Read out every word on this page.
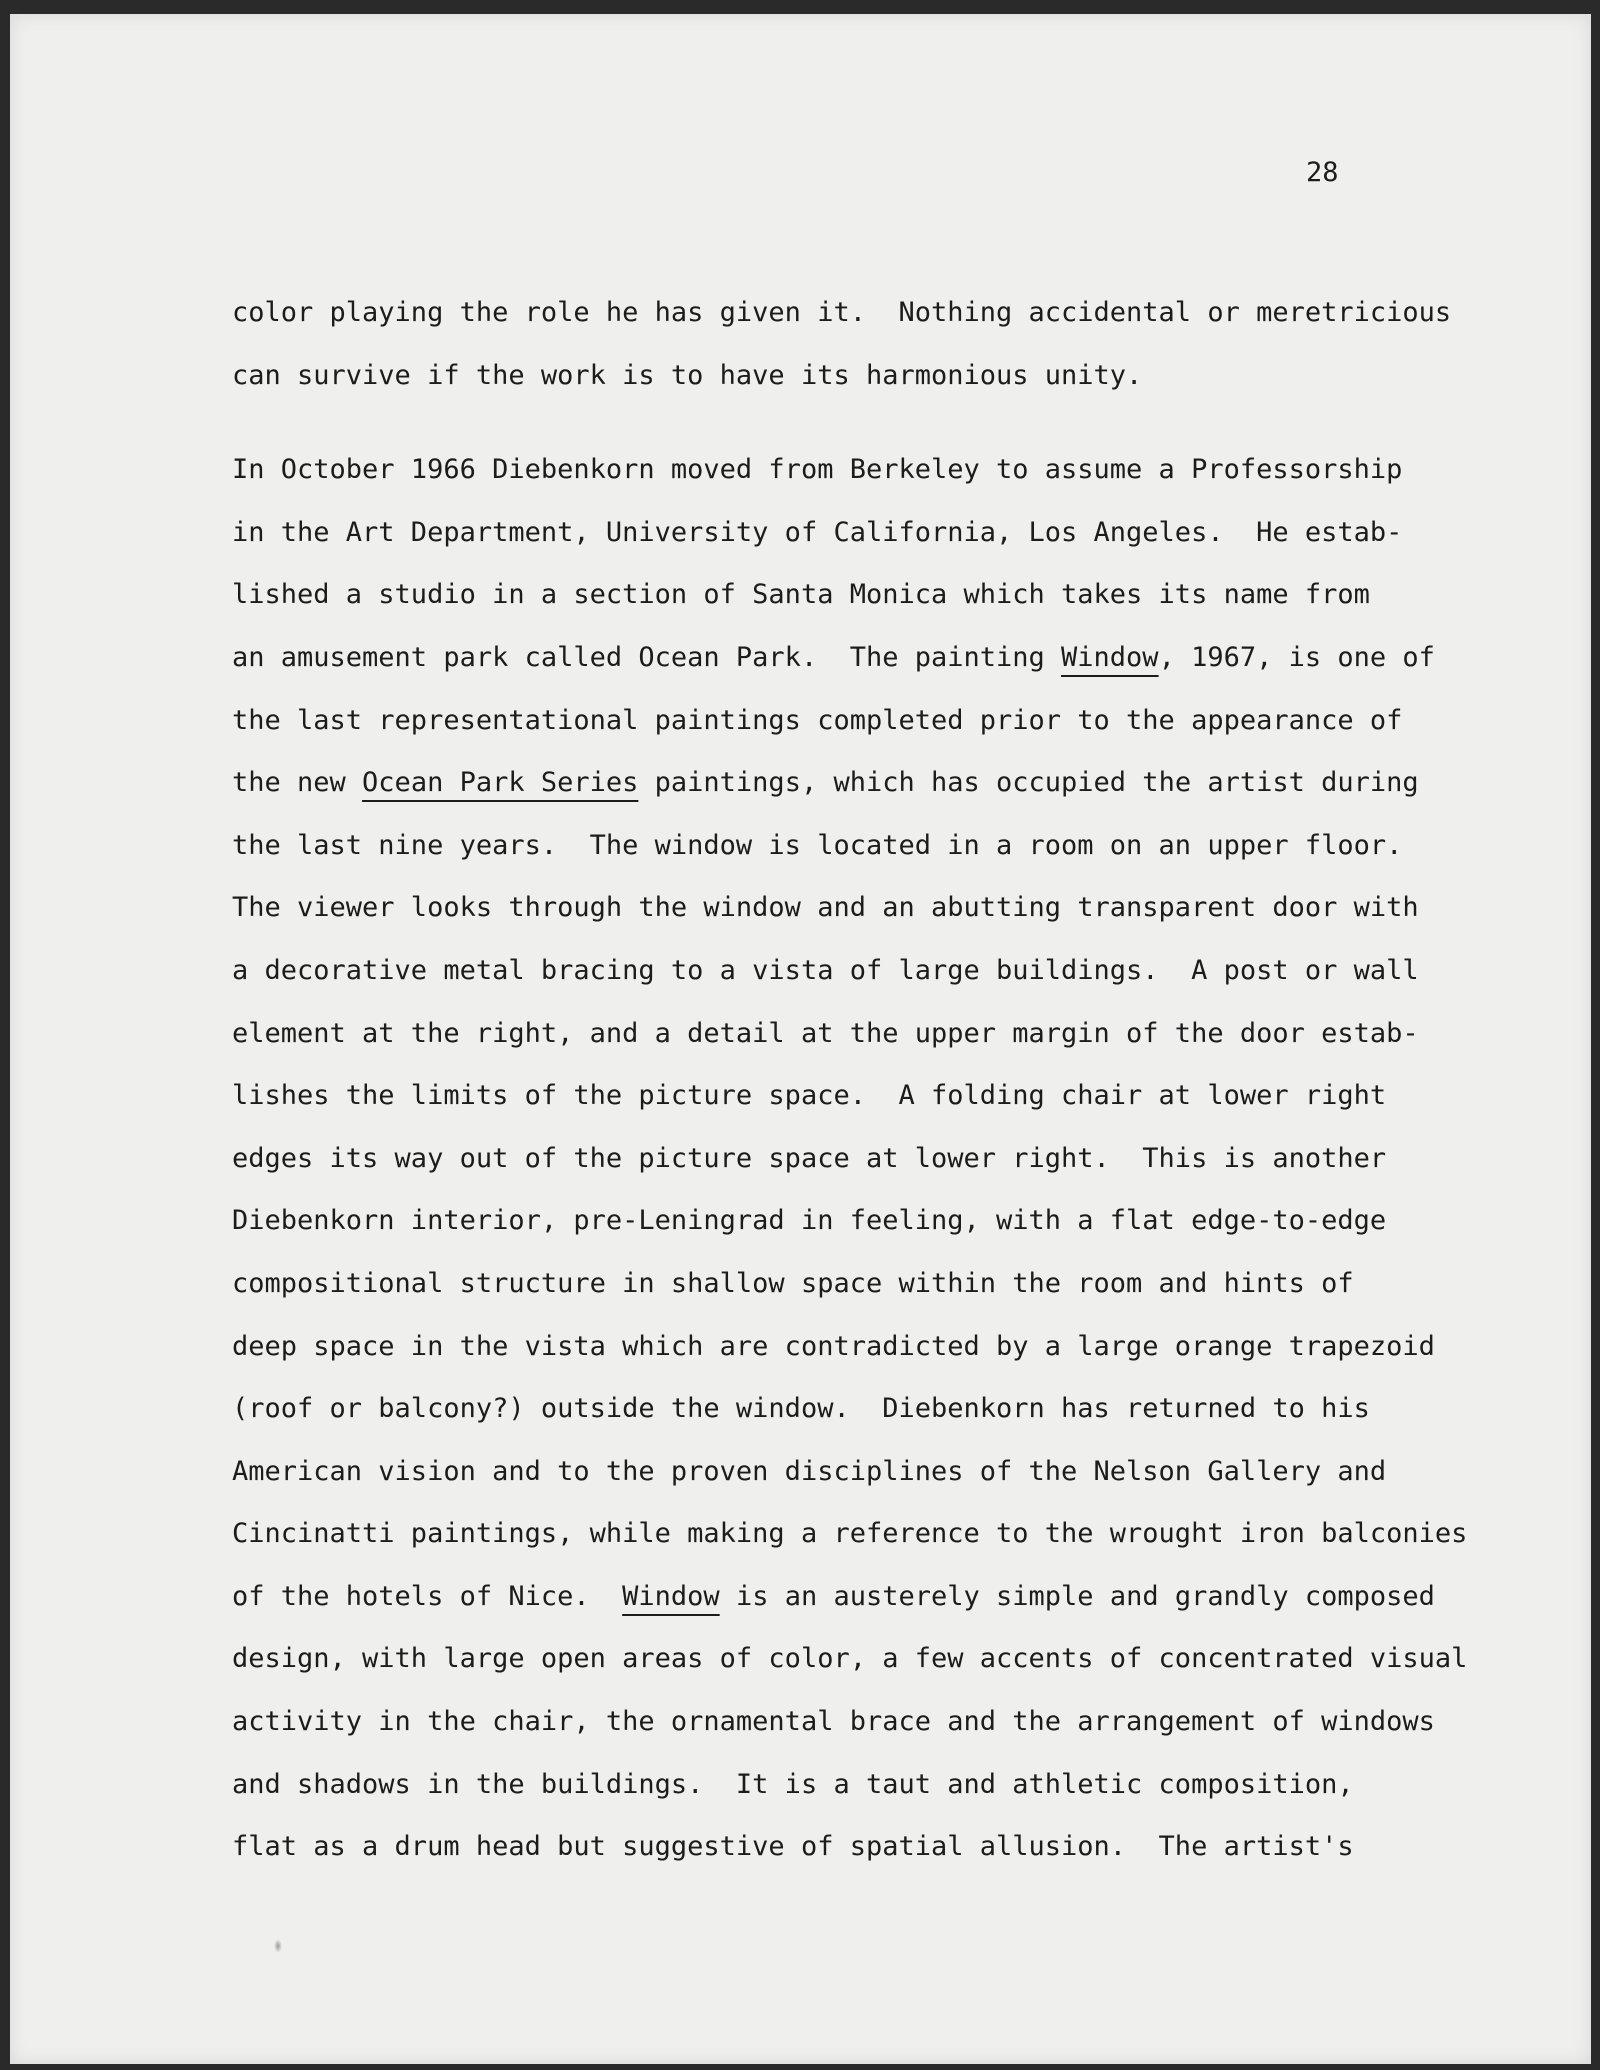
28
color playing the role he has given it.  Nothing accidental or meretricious
can survive if the work is to have its harmonious unity.
In October 1966 Diebenkorn moved from Berkeley to assume a Professorship
in the Art Department, University of California, Los Angeles.  He estab-
lished a studio in a section of Santa Monica which takes its name from
an amusement park called Ocean Park.  The painting Window, 1967, is one of
the last representational paintings completed prior to the appearance of
the new Ocean Park Series paintings, which has occupied the artist during
the last nine years.  The window is located in a room on an upper floor.
The viewer looks through the window and an abutting transparent door with
a decorative metal bracing to a vista of large buildings.  A post or wall
element at the right, and a detail at the upper margin of the door estab-
lishes the limits of the picture space.  A folding chair at lower right
edges its way out of the picture space at lower right.  This is another
Diebenkorn interior, pre-Leningrad in feeling, with a flat edge-to-edge
compositional structure in shallow space within the room and hints of
deep space in the vista which are contradicted by a large orange trapezoid
(roof or balcony?) outside the window.  Diebenkorn has returned to his
American vision and to the proven disciplines of the Nelson Gallery and
Cincinatti paintings, while making a reference to the wrought iron balconies
of the hotels of Nice.  Window is an austerely simple and grandly composed
design, with large open areas of color, a few accents of concentrated visual
activity in the chair, the ornamental brace and the arrangement of windows
and shadows in the buildings.  It is a taut and athletic composition,
flat as a drum head but suggestive of spatial allusion.  The artist's
